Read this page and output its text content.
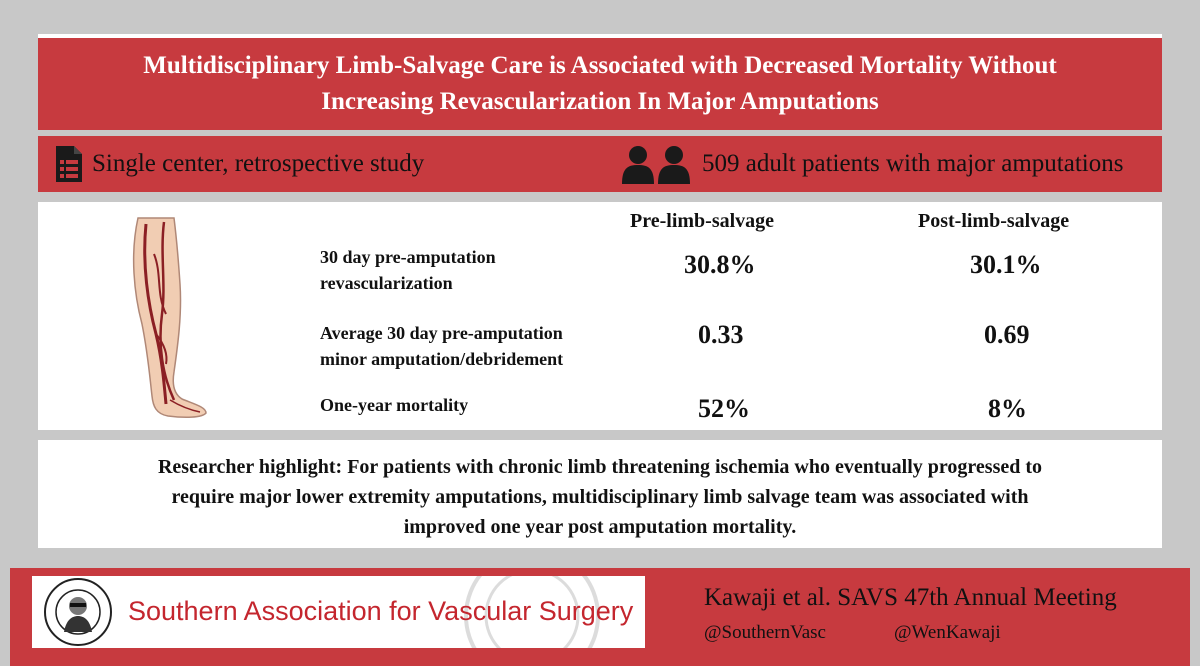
Multidisciplinary Limb-Salvage Care is Associated with Decreased Mortality Without
Increasing Revascularization In Major Amputations
Single center, retrospective study	509 adult patients with major amputations
Pre-limb-salvage	Post-limb-salvage
30 day pre-amputation
revascularization
30.8%	30.1%
Average 30 day pre-amputation
minor amputation/debridement
0.33	0.69
One-year mortality	52%	8%
Researcher highlight: For patients with chronic limb threatening ischemia who eventually progressed to
require major lower extremity amputations, multidisciplinary limb salvage team was associated with
improved one year post amputation mortality.
Southern Association for Vascular Surgery	Kawaji et al. SAVS 47th Annual Meeting
@SouthernVasc	@WenKawaji
